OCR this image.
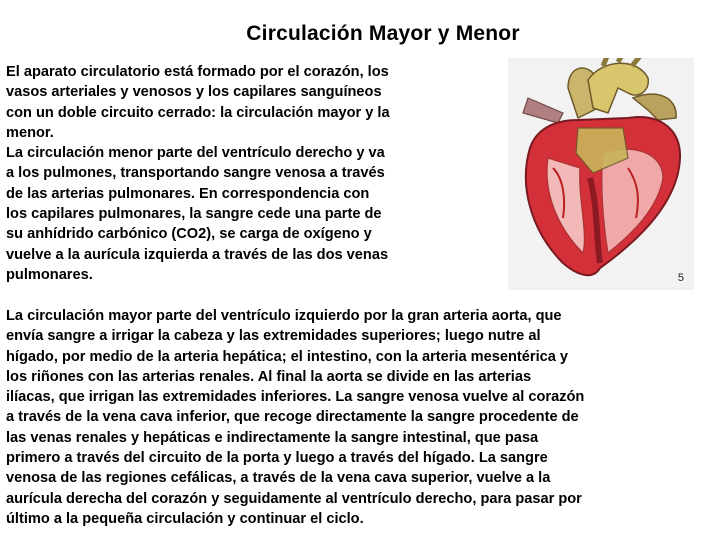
Circulación Mayor y Menor
El aparato circulatorio está formado por el corazón, los
vasos arteriales y venosos y los capilares sanguíneos
con un doble circuito cerrado: la circulación mayor y la
menor.
La circulación menor parte del ventrículo derecho y va
a los pulmones, transportando sangre venosa a través
de las arterias pulmonares. En correspondencia con
los capilares pulmonares, la sangre cede una parte de
su anhídrido carbónico (CO2), se carga de oxígeno y
vuelve a la aurícula izquierda a través de las dos venas
pulmonares.	5
La circulación mayor parte del ventrículo izquierdo por la gran arteria aorta, que
envía sangre a irrigar la cabeza y las extremidades superiores; luego nutre al
hígado, por medio de la arteria hepática; el intestino, con la arteria mesentérica y
los riñones con las arterias renales. Al final la aorta se divide en las arterias
ilíacas, que irrigan las extremidades inferiores. La sangre venosa vuelve al corazón
a través de la vena cava inferior, que recoge directamente la sangre procedente de
las venas renales y hepáticas e indirectamente la sangre intestinal, que pasa
primero a través del circuito de la porta y luego a través del hígado. La sangre
venosa de las regiones cefálicas, a través de la vena cava superior, vuelve a la
aurícula derecha del corazón y seguidamente al ventrículo derecho, para pasar por
último a la pequeña circulación y continuar el ciclo.
